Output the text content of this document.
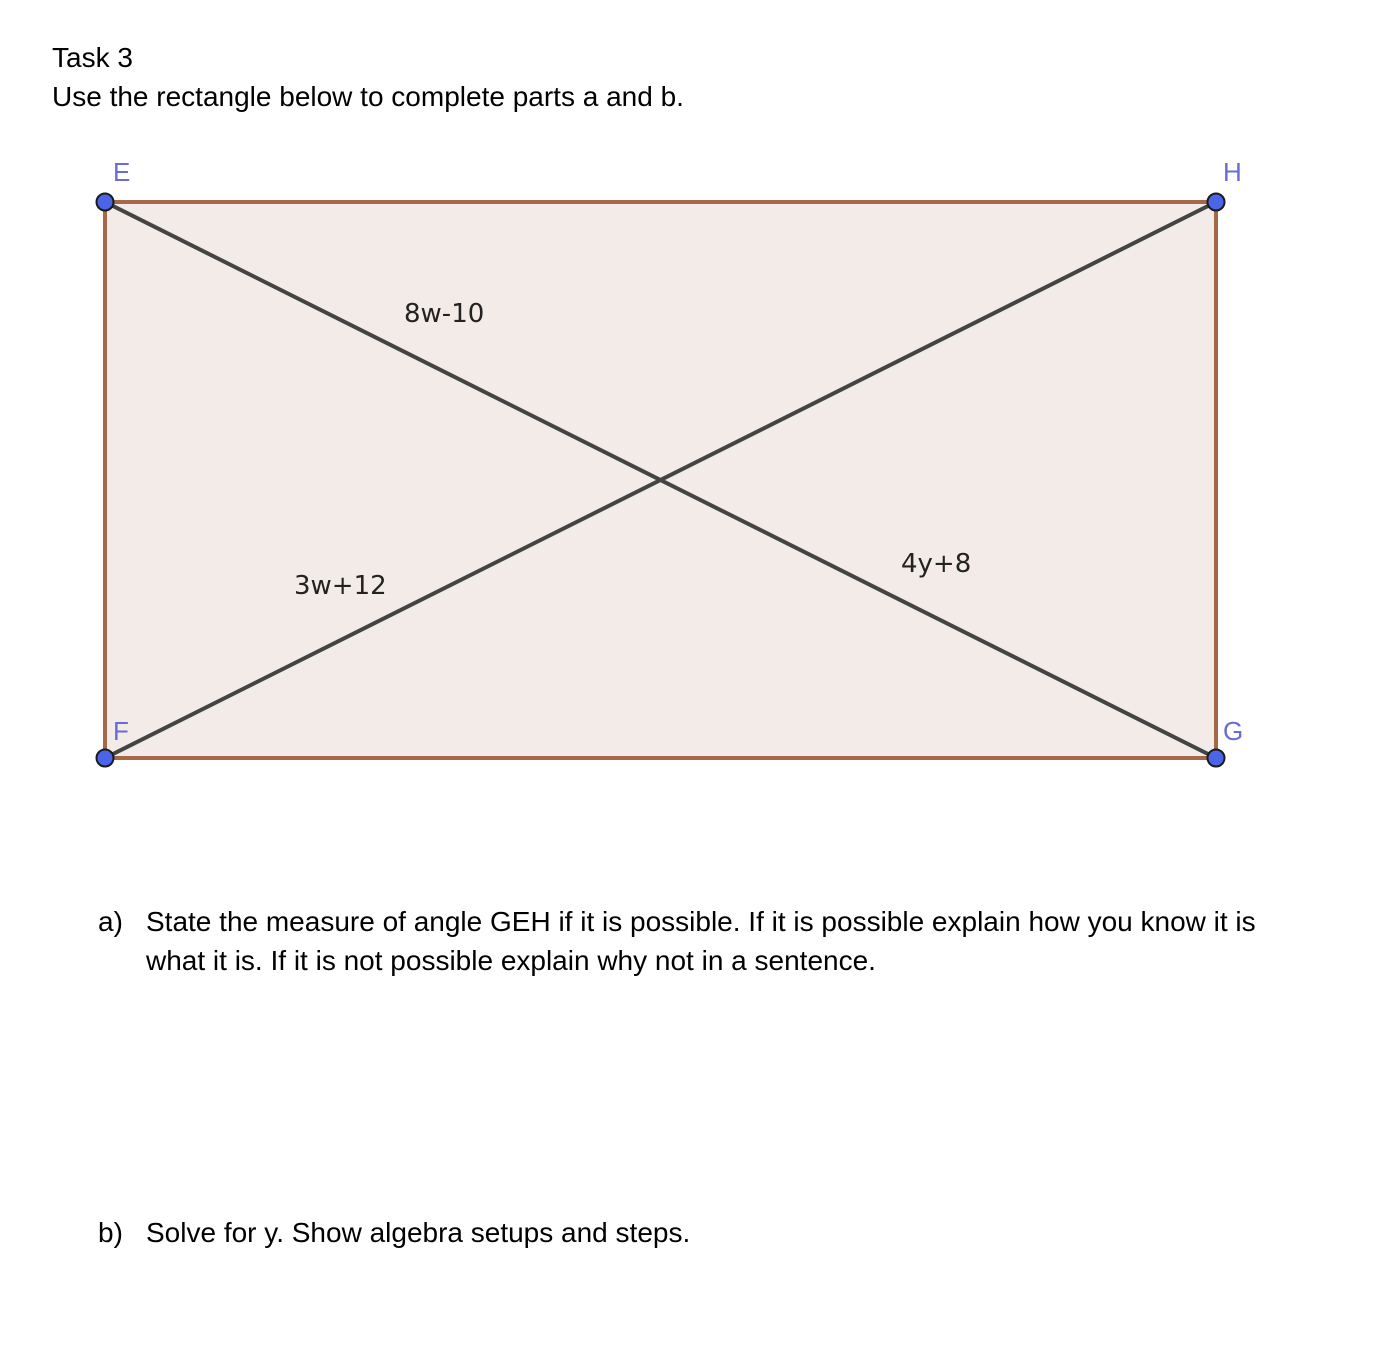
Task 3

Use the rectangle below to complete parts a and b.

E	H
G
F
8w-10
3w+12
4y+8
a) State the measure of angle GEH if it is possible. If it is possible explain how you know it is what it is. If it is not possible explain why not in a sentence.
b) Solve for y. Show algebra setups and steps.
